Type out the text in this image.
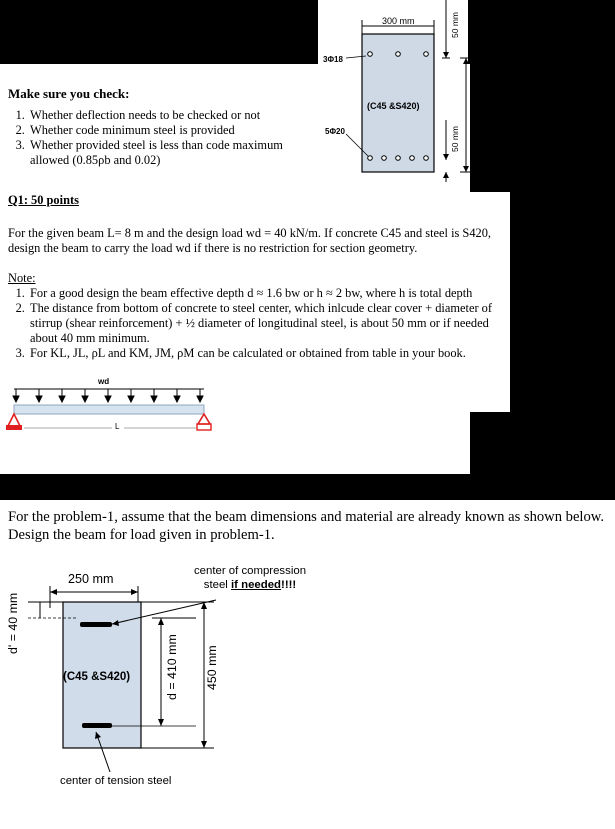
300 mm
3Φ18
5Φ20
(C45 &S420)
50 mm
400 mm
50 mm
Make sure you check:
1. Whether deflection needs to be checked or not
2. Whether code minimum steel is provided
3. Whether provided steel is less than code maximum allowed (0.85ρb and 0.02)
Q1: 50 points
For the given beam L= 8 m and the design load wd = 40 kN/m. If concrete C45 and steel is S420, design the beam to carry the load wd if there is no restriction for section geometry.
Note:
1. For a good design the beam effective depth d ≈ 1.6 bw or h ≈ 2 bw, where h is total depth
2. The distance from bottom of concrete to steel center, which inlcude clear cover + diameter of stirrup (shear reinforcement) + ½ diameter of longitudinal steel, is about 50 mm or if needed about 40 mm minimum.
3. For KL, JL, ρL and KM, JM, ρM can be calculated or obtained from table in your book.
wd
L
For the problem-1, assume that the beam dimensions and material are already known as shown below. Design the beam for load given in problem-1.
250 mm
d' = 40 mm
(C45 &S420)	d = 410 mm 450 mm
center of compression
steel if needed!!!!
center of tension steel
